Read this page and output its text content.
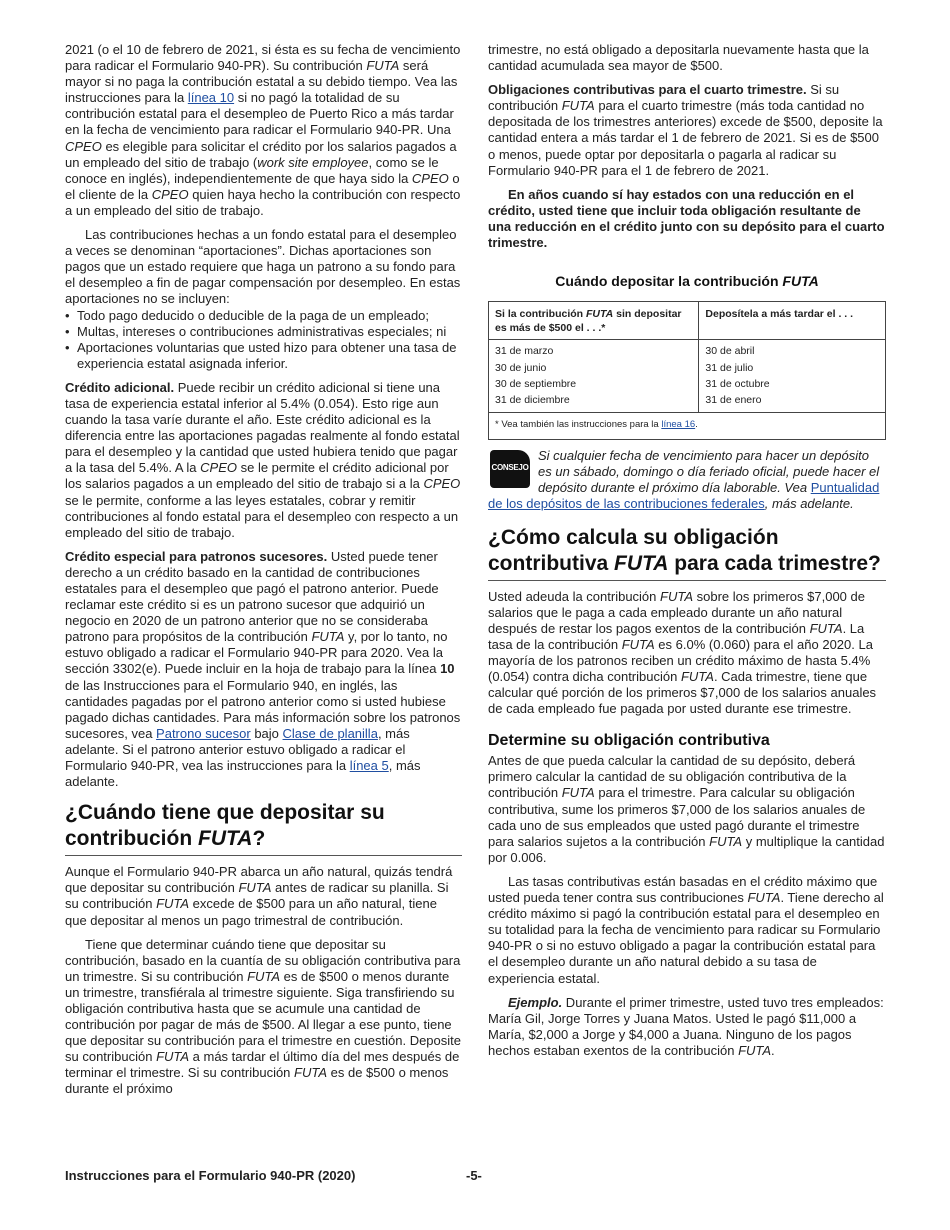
2021 (o el 10 de febrero de 2021, si ésta es su fecha de vencimiento para radicar el Formulario 940-PR). Su contribución FUTA será mayor si no paga la contribución estatal a su debido tiempo. Vea las instrucciones para la línea 10 si no pagó la totalidad de su contribución estatal para el desempleo de Puerto Rico a más tardar en la fecha de vencimiento para radicar el Formulario 940-PR. Una CPEO es elegible para solicitar el crédito por los salarios pagados a un empleado del sitio de trabajo (work site employee, como se le conoce en inglés), independientemente de que haya sido la CPEO o el cliente de la CPEO quien haya hecho la contribución con respecto a un empleado del sitio de trabajo.

Las contribuciones hechas a un fondo estatal para el desempleo a veces se denominan “aportaciones”. Dichas aportaciones son pagos que un estado requiere que haga un patrono a su fondo para el desempleo a fin de pagar compensación por desempleo. En estas aportaciones no se incluyen:

• Todo pago deducido o deducible de la paga de un empleado;
• Multas, intereses o contribuciones administrativas especiales; ni
• Aportaciones voluntarias que usted hizo para obtener una tasa de experiencia estatal asignada inferior.

Crédito adicional. Puede recibir un crédito adicional si tiene una tasa de experiencia estatal inferior al 5.4% (0.054). Esto rige aun cuando la tasa varíe durante el año. Este crédito adicional es la diferencia entre las aportaciones pagadas realmente al fondo estatal para el desempleo y la cantidad que usted hubiera tenido que pagar a la tasa del 5.4%. A la CPEO se le permite el crédito adicional por los salarios pagados a un empleado del sitio de trabajo si a la CPEO se le permite, conforme a las leyes estatales, cobrar y remitir contribuciones al fondo estatal para el desempleo con respecto a un empleado del sitio de trabajo.

Crédito especial para patronos sucesores. Usted puede tener derecho a un crédito basado en la cantidad de contribuciones estatales para el desempleo que pagó el patrono anterior. Puede reclamar este crédito si es un patrono sucesor que adquirió un negocio en 2020 de un patrono anterior que no se consideraba patrono para propósitos de la contribución FUTA y, por lo tanto, no estuvo obligado a radicar el Formulario 940-PR para 2020. Vea la sección 3302(e). Puede incluir en la hoja de trabajo para la línea 10 de las Instrucciones para el Formulario 940, en inglés, las cantidades pagadas por el patrono anterior como si usted hubiese pagado dichas cantidades. Para más información sobre los patronos sucesores, vea Patrono sucesor bajo Clase de planilla, más adelante. Si el patrono anterior estuvo obligado a radicar el Formulario 940-PR, vea las instrucciones para la línea 5, más adelante.

¿Cuándo tiene que depositar su contribución FUTA?

Aunque el Formulario 940-PR abarca un año natural, quizás tendrá que depositar su contribución FUTA antes de radicar su planilla. Si su contribución FUTA excede de $500 para un año natural, tiene que depositar al menos un pago trimestral de contribución.

Tiene que determinar cuándo tiene que depositar su contribución, basado en la cuantía de su obligación contributiva para un trimestre. Si su contribución FUTA es de $500 o menos durante un trimestre, transfiérala al trimestre siguiente. Siga transfiriendo su obligación contributiva hasta que se acumule una cantidad de contribución por pagar de más de $500. Al llegar a ese punto, tiene que depositar su contribución para el trimestre en cuestión. Deposite su contribución FUTA a más tardar el último día del mes después de terminar el trimestre. Si su contribución FUTA es de $500 o menos durante el próximo

trimestre, no está obligado a depositarla nuevamente hasta que la cantidad acumulada sea mayor de $500.

Obligaciones contributivas para el cuarto trimestre. Si su contribución FUTA para el cuarto trimestre (más toda cantidad no depositada de los trimestres anteriores) excede de $500, deposite la cantidad entera a más tardar el 1 de febrero de 2021. Si es de $500 o menos, puede optar por depositarla o pagarla al radicar su Formulario 940-PR para el 1 de febrero de 2021.

En años cuando sí hay estados con una reducción en el crédito, usted tiene que incluir toda obligación resultante de una reducción en el crédito junto con su depósito para el cuarto trimestre.

Cuándo depositar la contribución FUTA
Si la contribución FUTA sin depositar es más de $500 el . . .*	Deposítela a más tardar el . . .
31 de marzo	30 de abril
30 de junio	31 de julio
30 de septiembre	31 de octubre
31 de diciembre	31 de enero
* Vea también las instrucciones para la línea 16.	
CONSEJO
Si cualquier fecha de vencimiento para hacer un depósito es un sábado, domingo o día feriado oficial, puede hacer el depósito durante el próximo día laborable. Vea Puntualidad de los depósitos de las contribuciones federales, más adelante.
¿Cómo calcula su obligación contributiva FUTA para cada trimestre?

Usted adeuda la contribución FUTA sobre los primeros $7,000 de salarios que le paga a cada empleado durante un año natural después de restar los pagos exentos de la contribución FUTA. La tasa de la contribución FUTA es 6.0% (0.060) para el año 2020. La mayoría de los patronos reciben un crédito máximo de hasta 5.4% (0.054) contra dicha contribución FUTA. Cada trimestre, tiene que calcular qué porción de los primeros $7,000 de los salarios anuales de cada empleado fue pagada por usted durante ese trimestre.

Determine su obligación contributiva

Antes de que pueda calcular la cantidad de su depósito, deberá primero calcular la cantidad de su obligación contributiva de la contribución FUTA para el trimestre. Para calcular su obligación contributiva, sume los primeros $7,000 de los salarios anuales de cada uno de sus empleados que usted pagó durante el trimestre para salarios sujetos a la contribución FUTA y multiplique la cantidad por 0.006.

Las tasas contributivas están basadas en el crédito máximo que usted pueda tener contra sus contribuciones FUTA. Tiene derecho al crédito máximo si pagó la contribución estatal para el desempleo en su totalidad para la fecha de vencimiento para radicar su Formulario 940-PR o si no estuvo obligado a pagar la contribución estatal para el desempleo durante un año natural debido a su tasa de experiencia estatal.

Ejemplo. Durante el primer trimestre, usted tuvo tres empleados: María Gil, Jorge Torres y Juana Matos. Usted le pagó $11,000 a María, $2,000 a Jorge y $4,000 a Juana. Ninguno de los pagos hechos estaban exentos de la contribución FUTA.

Instrucciones para el Formulario 940-PR (2020)	-5-
